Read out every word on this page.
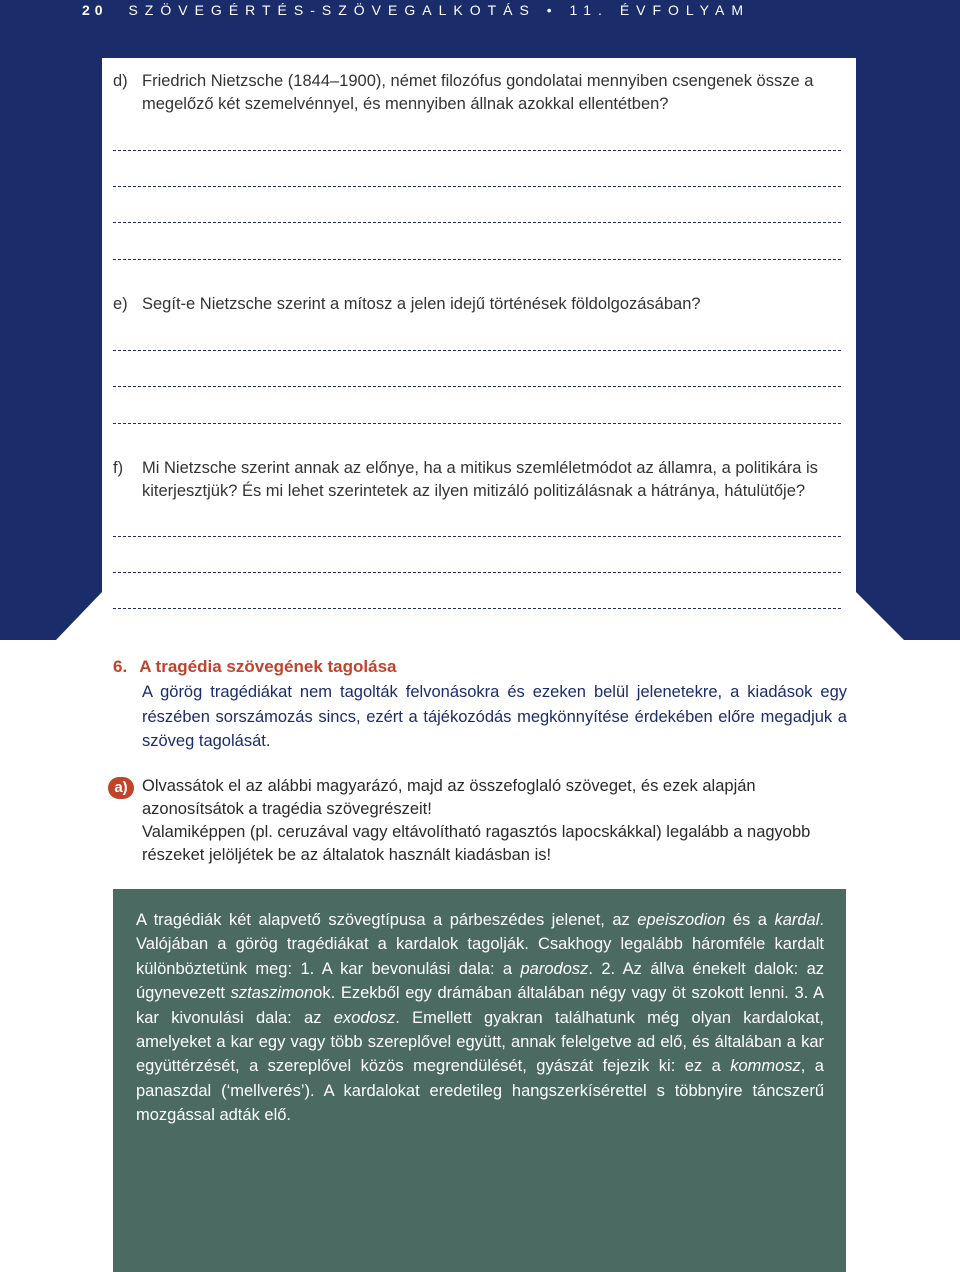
20 SZÖVEGÉRTÉS-SZÖVEGALKOTÁS • 11. ÉVFOLYAM
d) Friedrich Nietzsche (1844–1900), német filozófus gondolatai mennyiben csengenek össze a megelőző két szemelvénnyel, és mennyiben állnak azokkal ellentétben?
e) Segít-e Nietzsche szerint a mítosz a jelen idejű történések földolgozásában?
f) Mi Nietzsche szerint annak az előnye, ha a mitikus szemléletmódot az államra, a politikára is kiterjesztjük? És mi lehet szerintetek az ilyen mitizáló politizálásnak a hátránya, hátulütője?
6. A tragédia szövegének tagolása
A görög tragédiákat nem tagolták felvonásokra és ezeken belül jelenetekre, a kiadások egy részében sorszámozás sincs, ezért a tájékozódás megkönnyítése érdekében előre megadjuk a szöveg tagolását.
a) Olvassátok el az alábbi magyarázó, majd az összefoglaló szöveget, és ezek alapján azonosítsátok a tragédia szövegrészeit!

Valamiképpen (pl. ceruzával vagy eltávolítható ragasztós lapocskákkal) legalább a nagyobb részeket jelöljétek be az általatok használt kiadásban is!

A tragédiák két alapvető szövegtípusa a párbeszédes jelenet, az epeiszodion és a kardal. Valójában a görög tragédiákat a kardalok tagolják. Csakhogy legalább háromféle kardalt különböztetünk meg: 1. A kar bevonulási dala: a parodosz. 2. Az állva énekelt dalok: az úgynevezett sztaszimonok. Ezekből egy drámában általában négy vagy öt szokott lenni. 3. A kar kivonulási dala: az exodosz. Emellett gyakran találhatunk még olyan kardalokat, amelyeket a kar egy vagy több szereplővel együtt, annak felelgetve ad elő, és általában a kar együttérzését, a szereplővel közös megrendülését, gyászát fejezik ki: ez a kommosz, a panaszdal (‘mellverés’). A kardalokat eredetileg hangszerkísérettel s többnyire táncszerű mozgással adták elő.
